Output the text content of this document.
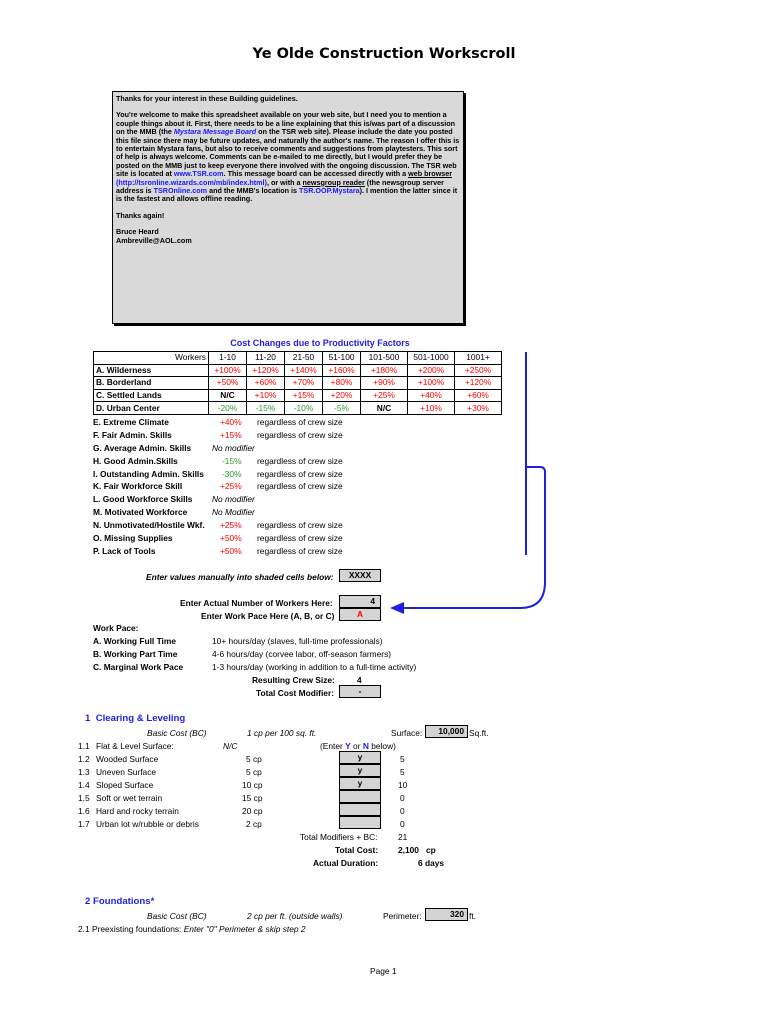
Ye Olde Construction Workscroll

Thanks for your interest in these Building guidelines.

You're welcome to make this spreadsheet available on your web site, but I need you to mention a couple things about it. First, there needs to be a line explaining that this is/was part of a discussion on the MMB (the Mystara Message Board on the TSR web site). Please include the date you posted this file since there may be future updates, and naturally the author's name. The reason I offer this is to entertain Mystara fans, but also to receive comments and suggestions from playtesters. This sort of help is always welcome. Comments can be e-mailed to me directly, but I would prefer they be posted on the MMB just to keep everyone there involved with the ongoing discussion. The TSR web site is located at www.TSR.com. This message board can be accessed directly with a web browser (http://tsronline.wizards.com/mb/index.html), or with a newsgroup reader (the newsgroup server address is TSROnline.com and the MMB's location is TSR.OOP.Mystara). I mention the latter since it is the fastest and allows offline reading.

Thanks again!

Bruce Heard
Ambreville@AOL.com

Cost Changes due to Productivity Factors
Workers	1-10	11-20	21-50	51-100	101-500	501-1000	1001+
A. Wilderness	+100%	+120%	+140%	+160%	+180%	+200%	+250%
B. Borderland	+50%	+60%	+70%	+80%	+90%	+100%	+120%
C. Settled Lands	N/C	+10%	+15%	+20%	+25%	+40%	+60%
D. Urban Center	-20%	-15%	-10%	-5%	N/C	+10%	+30%
E. Extreme Climate	+40% regardless of crew size
F. Fair Admin. Skills	+15% regardless of crew size
G. Average Admin. Skills No modifier
H. Good Admin.Skills	-15% regardless of crew size
I. Outstanding Admin. Skills -30% regardless of crew size
K. Fair Workforce Skill	+25% regardless of crew size
L. Good Workforce Skills No modifier
M. Motivated Workforce	No Modifier
N. Unmotivated/Hostile Wkf. +25% regardless of crew size
O. Missing Supplies	+50% regardless of crew size
P. Lack of Tools	+50% regardless of crew size
Enter values manually into shaded cells below:	XXXX
Enter Actual Number of Workers Here:	4
Enter Work Pace Here (A, B, or C)	A
Work Pace:
A. Working Full Time	10+ hours/day (slaves, full-time professionals)
B. Working Part Time	4-6 hours/day (corvee labor, off-season farmers)
C. Marginal Work Pace	1-3 hours/day (working in addition to a full-time activity)
Resulting Crew Size:	4
Total Cost Modifier:	-
1 Clearing & Leveling
Basic Cost (BC)	1 cp per 100 sq. ft.	Surface:	10,000 Sq.ft.
1.1 Flat & Level Surface:	N/C	(Enter Y or N below)
1.2 Wooded Surface	5 cp	y	5
1.3 Uneven Surface	5 cp	y	5
1.4 Sloped Surface	10 cp	y	10
1.5 Soft or wet terrain	15 cp	0
1.6 Hard and rocky terrain	20 cp	0
1.7 Urban lot w/rubble or debris	2 cp	0
Total Modifiers + BC: 21
Total Cost: 2,100 cp
Actual Duration:	6 days
2 Foundations*
Basic Cost (BC)	2 cp per ft. (outside walls)	Perimeter:	320 ft.
2.1 Preexisting foundations: Enter "0" Perimeter & skip step 2
Page 1
